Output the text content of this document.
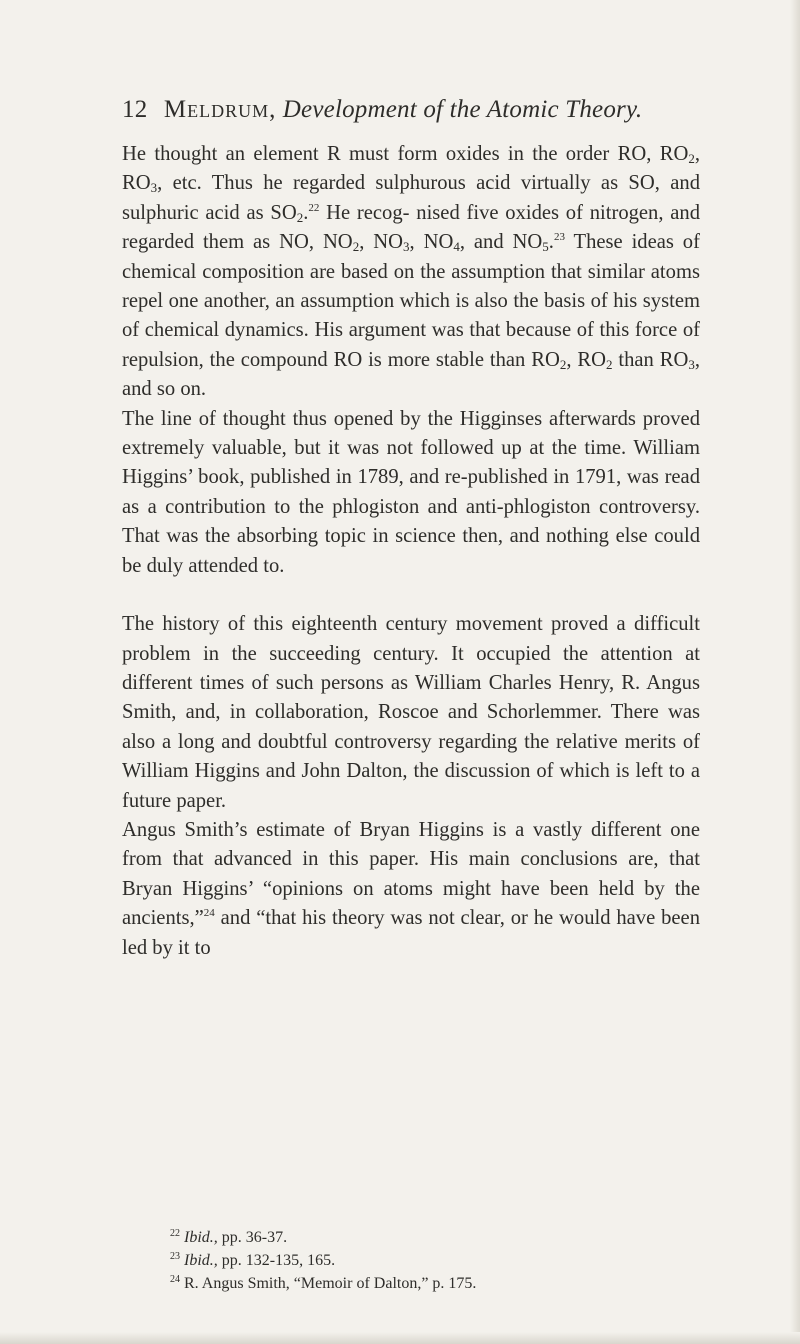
12 Meldrum, Development of the Atomic Theory.

He thought an element R must form oxides in the order RO, $RO_2$, $RO_3$, etc. Thus he regarded sulphurous acid virtually as SO, and sulphuric acid as $SO_2.^{22}$ He recog- nised five oxides of nitrogen, and regarded them as NO, $NO_2$, $NO_3$, $NO_4$, and $NO_5.^{23}$ These ideas of chemical composition are based on the assumption that similar atoms repel one another, an assumption which is also the basis of his system of chemical dynamics. His argument was that because of this force of repulsion, the compound RO is more stable than $RO_2$, $RO_2$ than $RO_3$, and so on.

The line of thought thus opened by the Higginses afterwards proved extremely valuable, but it was not followed up at the time. William Higgins’ book, published in 1789, and re-published in 1791, was read as a contribution to the phlogiston and anti-phlogiston controversy. That was the absorbing topic in science then, and nothing else could be duly attended to.

The history of this eighteenth century movement proved a difficult problem in the succeeding century. It occupied the attention at different times of such persons as William Charles Henry, R. Angus Smith, and, in collaboration, Roscoe and Schorlemmer. There was also a long and doubtful controversy regarding the relative merits of William Higgins and John Dalton, the discussion of which is left to a future paper.

Angus Smith’s estimate of Bryan Higgins is a vastly different one from that advanced in this paper. His main conclusions are, that Bryan Higgins’ “opinions on atoms might have been held by the ancients,”$^{24}$ and “that his theory was not clear, or he would have been led by it to

$^{22}$ Ibid., pp. 36-37.
$^{23}$ Ibid., pp. 132-135, 165.
$^{24}$ R. Angus Smith, “Memoir of Dalton,” p. 175.
